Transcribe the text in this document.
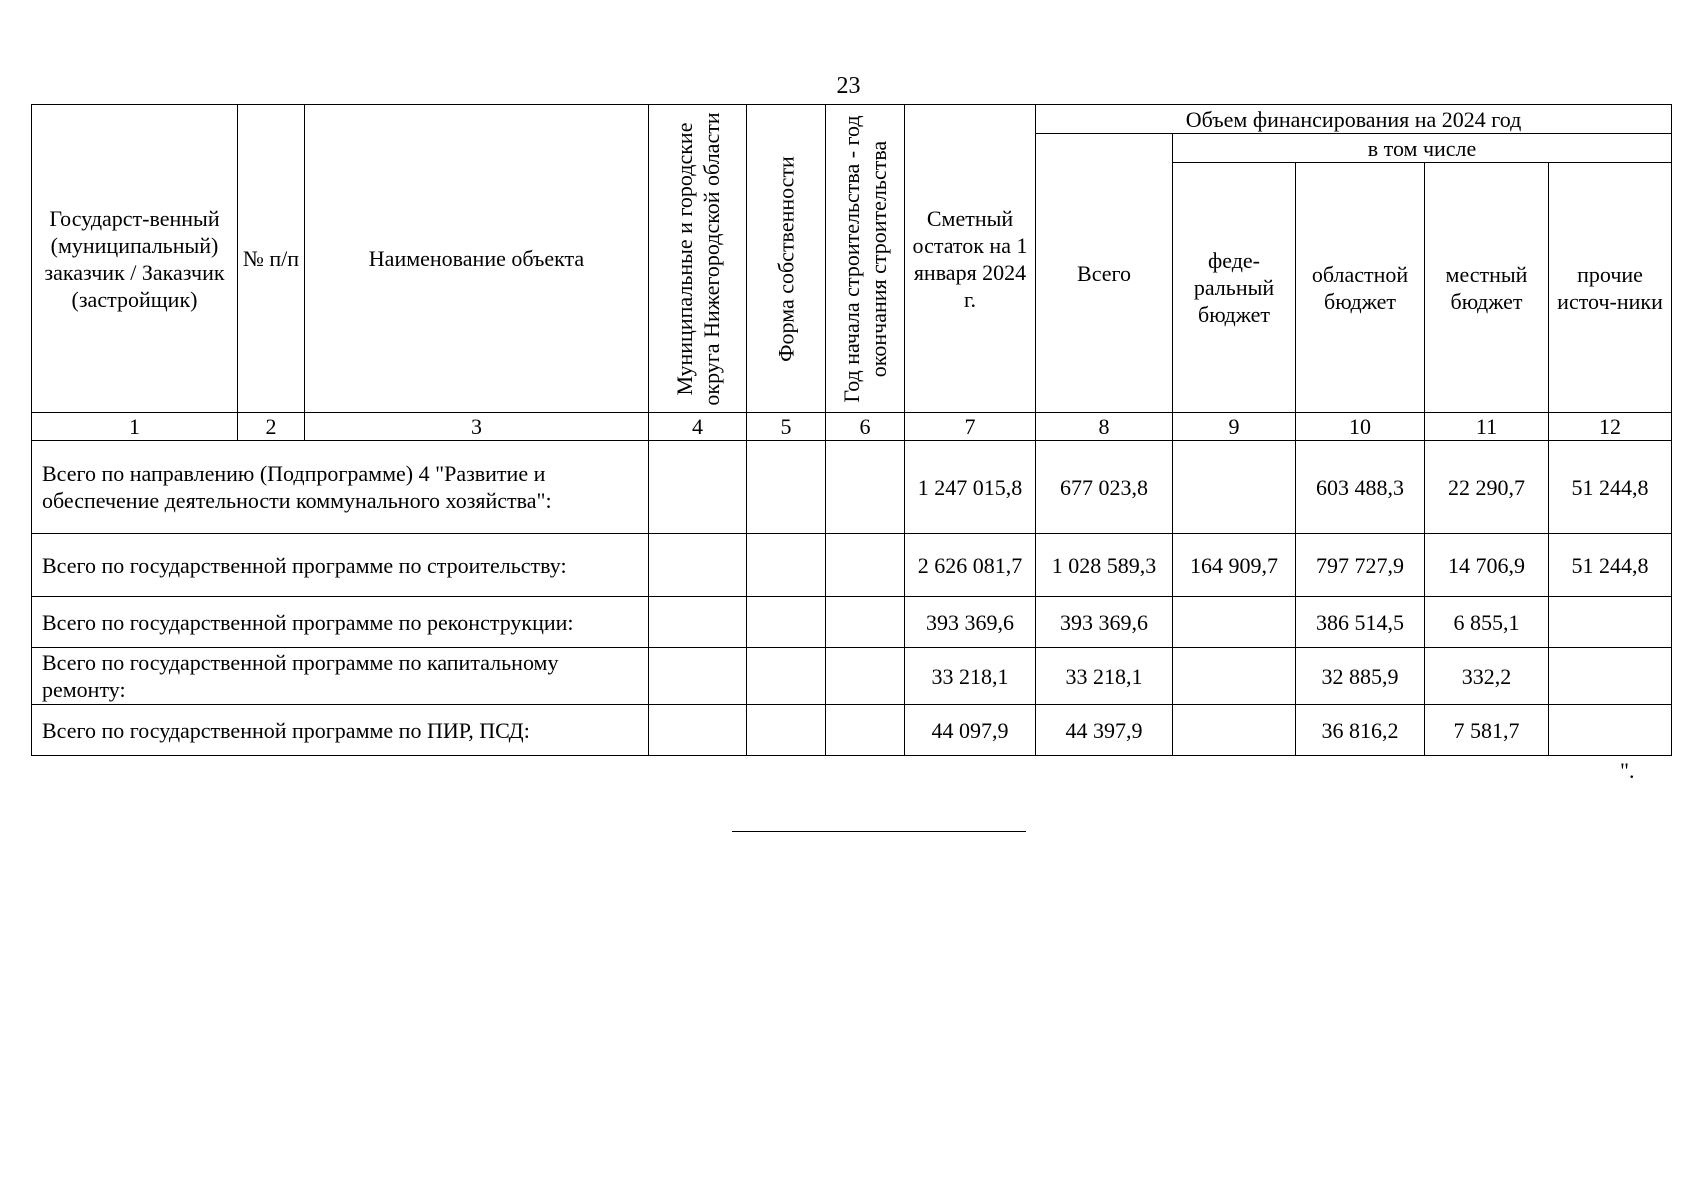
23
Государст-венный (муниципальный) заказчик / Заказчик (застройщик)	№ п/п	Наименование объекта	Муниципальные и городские округа Нижегородской области	Форма собственности	Год начала строительства - год окончания строительства	Сметный остаток на 1 января 2024 г.	Объем финансирования на 2024 год				
							Всего	в том числе			
								феде-ральный бюджет	областной бюджет	местный бюджет	прочие источ-ники
1	2	3	4	5	6	7	8	9	10	11	12
Всего по направлению (Подпрограмме) 4 "Развитие и обеспечение деятельности коммунального хозяйства":						1 247 015,8	677 023,8		603 488,3	22 290,7	51 244,8
Всего по государственной программе по строительству:						2 626 081,7	1 028 589,3	164 909,7	797 727,9	14 706,9	51 244,8
Всего по государственной программе по реконструкции:						393 369,6	393 369,6		386 514,5	6 855,1	
Всего по государственной программе по капитальному ремонту:						33 218,1	33 218,1		32 885,9	332,2	
Всего по государственной программе по ПИР, ПСД:						44 097,9	44 397,9		36 816,2	7 581,7	
".
